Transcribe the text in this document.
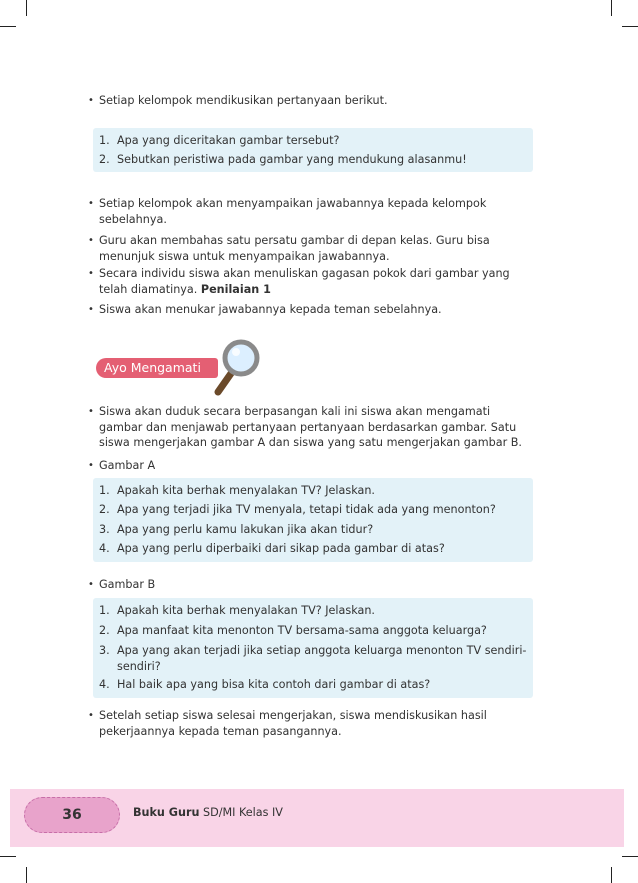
• Setiap kelompok mendikusikan pertanyaan berikut.
1. Apa yang diceritakan gambar tersebut?
2. Sebutkan peristiwa pada gambar yang mendukung alasanmu!
• Setiap kelompok akan menyampaikan jawabannya kepada kelompok sebelahnya.
• Guru akan membahas satu persatu gambar di depan kelas. Guru bisa menunjuk siswa untuk menyampaikan jawabannya.
• Secara individu siswa akan menuliskan gagasan pokok dari gambar yang telah diamatinya. Penilaian 1
• Siswa akan menukar jawabannya kepada teman sebelahnya.
• Siswa akan duduk secara berpasangan kali ini siswa akan mengamati gambar dan menjawab pertanyaan pertanyaan berdasarkan gambar. Satu siswa mengerjakan gambar A dan siswa yang satu mengerjakan gambar B.
• Gambar A
1. Apakah kita berhak menyalakan TV? Jelaskan.
2. Apa yang terjadi jika TV menyala, tetapi tidak ada yang menonton?
3. Apa yang perlu kamu lakukan jika akan tidur?
4. Apa yang perlu diperbaiki dari sikap pada gambar di atas?
• Gambar B
1. Apakah kita berhak menyalakan TV? Jelaskan.
2. Apa manfaat kita menonton TV bersama-sama anggota keluarga?
3. Apa yang akan terjadi jika setiap anggota keluarga menonton TV sendiri- sendiri?
4. Hal baik apa yang bisa kita contoh dari gambar di atas?
• Setelah setiap siswa selesai mengerjakan, siswa mendiskusikan hasil pekerjaannya kepada teman pasangannya.
Ayo Mengamati
36	Buku Guru SD/MI Kelas IV
